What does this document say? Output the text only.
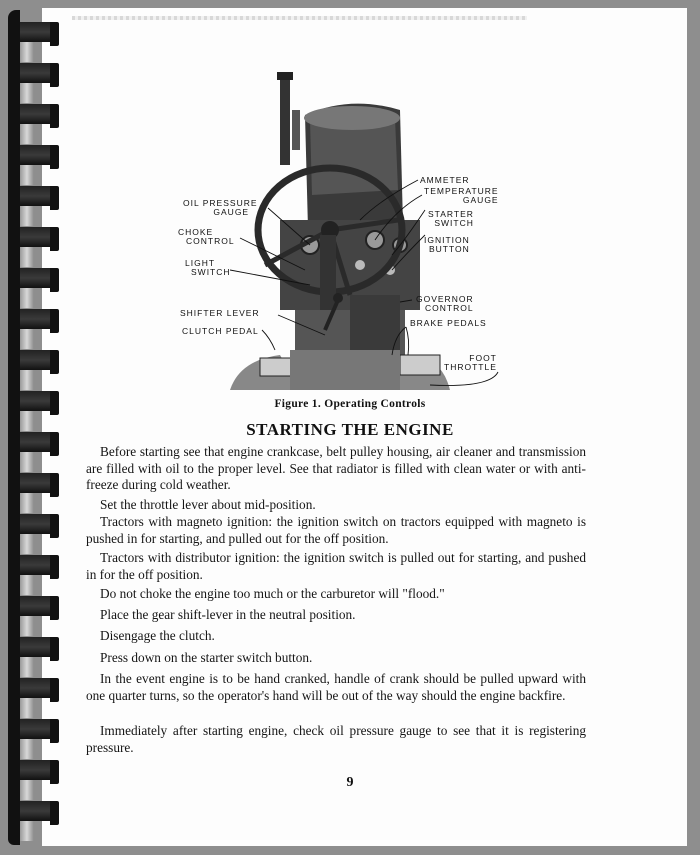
OIL PRESSURE
GAUGE
CHOKE
CONTROL
LIGHT
SWITCH
SHIFTER LEVER
CLUTCH PEDAL
AMMETER
TEMPERATURE
GAUGE
STARTER
SWITCH
IGNITION
BUTTON
GOVERNOR
CONTROL
BRAKE PEDALS
FOOT
THROTTLE
Figure 1. Operating Controls
STARTING THE ENGINE

Before starting see that engine crankcase, belt pulley housing, air cleaner and transmission are filled with oil to the proper level. See that radiator is filled with clean water or with anti-freeze during cold weather.

Set the throttle lever about mid-position.

Tractors with magneto ignition: the ignition switch on tractors equipped with magneto is pushed in for starting, and pulled out for the off position.

Tractors with distributor ignition: the ignition switch is pulled out for starting, and pushed in for the off position.

Do not choke the engine too much or the carburetor will "flood."

Place the gear shift-lever in the neutral position.

Disengage the clutch.

Press down on the starter switch button.

In the event engine is to be hand cranked, handle of crank should be pulled upward with one quarter turns, so the operator's hand will be out of the way should the engine backfire.

Immediately after starting engine, check oil pressure gauge to see that it is registering pressure.

9
